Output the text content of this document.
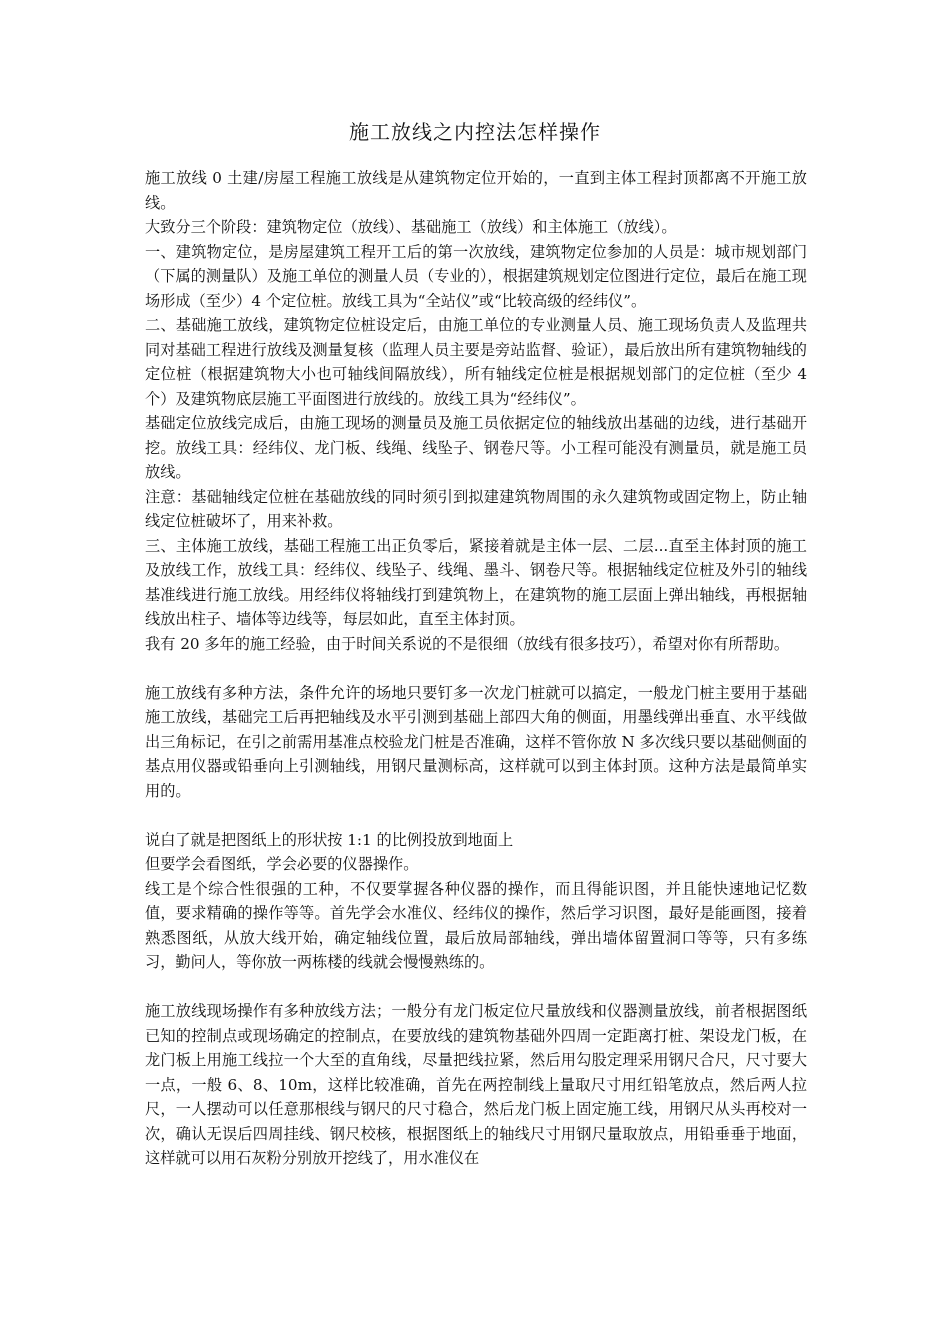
施工放线之内控法怎样操作

施工放线 0 土建/房屋工程施工放线是从建筑物定位开始的，一直到主体工程封顶都离不开施工放线。

大致分三个阶段：建筑物定位（放线）、基础施工（放线）和主体施工（放线）。

一、建筑物定位，是房屋建筑工程开工后的第一次放线，建筑物定位参加的人员是：城市规划部门（下属的测量队）及施工单位的测量人员（专业的），根据建筑规划定位图进行定位，最后在施工现场形成（至少）4 个定位桩。放线工具为“全站仪”或“比较高级的经纬仪”。

二、基础施工放线，建筑物定位桩设定后，由施工单位的专业测量人员、施工现场负责人及监理共同对基础工程进行放线及测量复核（监理人员主要是旁站监督、验证），最后放出所有建筑物轴线的定位桩（根据建筑物大小也可轴线间隔放线），所有轴线定位桩是根据规划部门的定位桩（至少 4 个）及建筑物底层施工平面图进行放线的。放线工具为“经纬仪”。

基础定位放线完成后，由施工现场的测量员及施工员依据定位的轴线放出基础的边线，进行基础开挖。放线工具：经纬仪、龙门板、线绳、线坠子、钢卷尺等。小工程可能没有测量员，就是施工员放线。

注意：基础轴线定位桩在基础放线的同时须引到拟建建筑物周围的永久建筑物或固定物上，防止轴线定位桩破坏了，用来补救。

三、主体施工放线，基础工程施工出正负零后，紧接着就是主体一层、二层...直至主体封顶的施工及放线工作，放线工具：经纬仪、线坠子、线绳、墨斗、钢卷尺等。根据轴线定位桩及外引的轴线基准线进行施工放线。用经纬仪将轴线打到建筑物上，在建筑物的施工层面上弹出轴线，再根据轴线放出柱子、墙体等边线等，每层如此，直至主体封顶。

我有 20 多年的施工经验，由于时间关系说的不是很细（放线有很多技巧），希望对你有所帮助。

施工放线有多种方法，条件允许的场地只要钉多一次龙门桩就可以搞定，一般龙门桩主要用于基础施工放线，基础完工后再把轴线及水平引测到基础上部四大角的侧面，用墨线弹出垂直、水平线做出三角标记，在引之前需用基准点校验龙门桩是否准确，这样不管你放 N 多次线只要以基础侧面的基点用仪器或铅垂向上引测轴线，用钢尺量测标高，这样就可以到主体封顶。这种方法是最简单实用的。

说白了就是把图纸上的形状按 1:1 的比例投放到地面上

但要学会看图纸，学会必要的仪器操作。

线工是个综合性很强的工种，不仅要掌握各种仪器的操作，而且得能识图，并且能快速地记忆数值，要求精确的操作等等。首先学会水准仪、经纬仪的操作，然后学习识图，最好是能画图，接着熟悉图纸，从放大线开始，确定轴线位置，最后放局部轴线，弹出墙体留置洞口等等，只有多练习，勤问人，等你放一两栋楼的线就会慢慢熟练的。

施工放线现场操作有多种放线方法；一般分有龙门板定位尺量放线和仪器测量放线，前者根据图纸已知的控制点或现场确定的控制点，在要放线的建筑物基础外四周一定距离打桩、架设龙门板，在龙门板上用施工线拉一个大至的直角线，尽量把线拉紧，然后用勾股定理采用钢尺合尺，尺寸要大一点，一般 6、8、10m，这样比较准确，首先在两控制线上量取尺寸用红铅笔放点，然后两人拉尺，一人摆动可以任意那根线与钢尺的尺寸稳合，然后龙门板上固定施工线，用钢尺从头再校对一次，确认无误后四周挂线、钢尺校核，根据图纸上的轴线尺寸用钢尺量取放点，用铅垂垂于地面，这样就可以用石灰粉分别放开挖线了，用水准仪在
